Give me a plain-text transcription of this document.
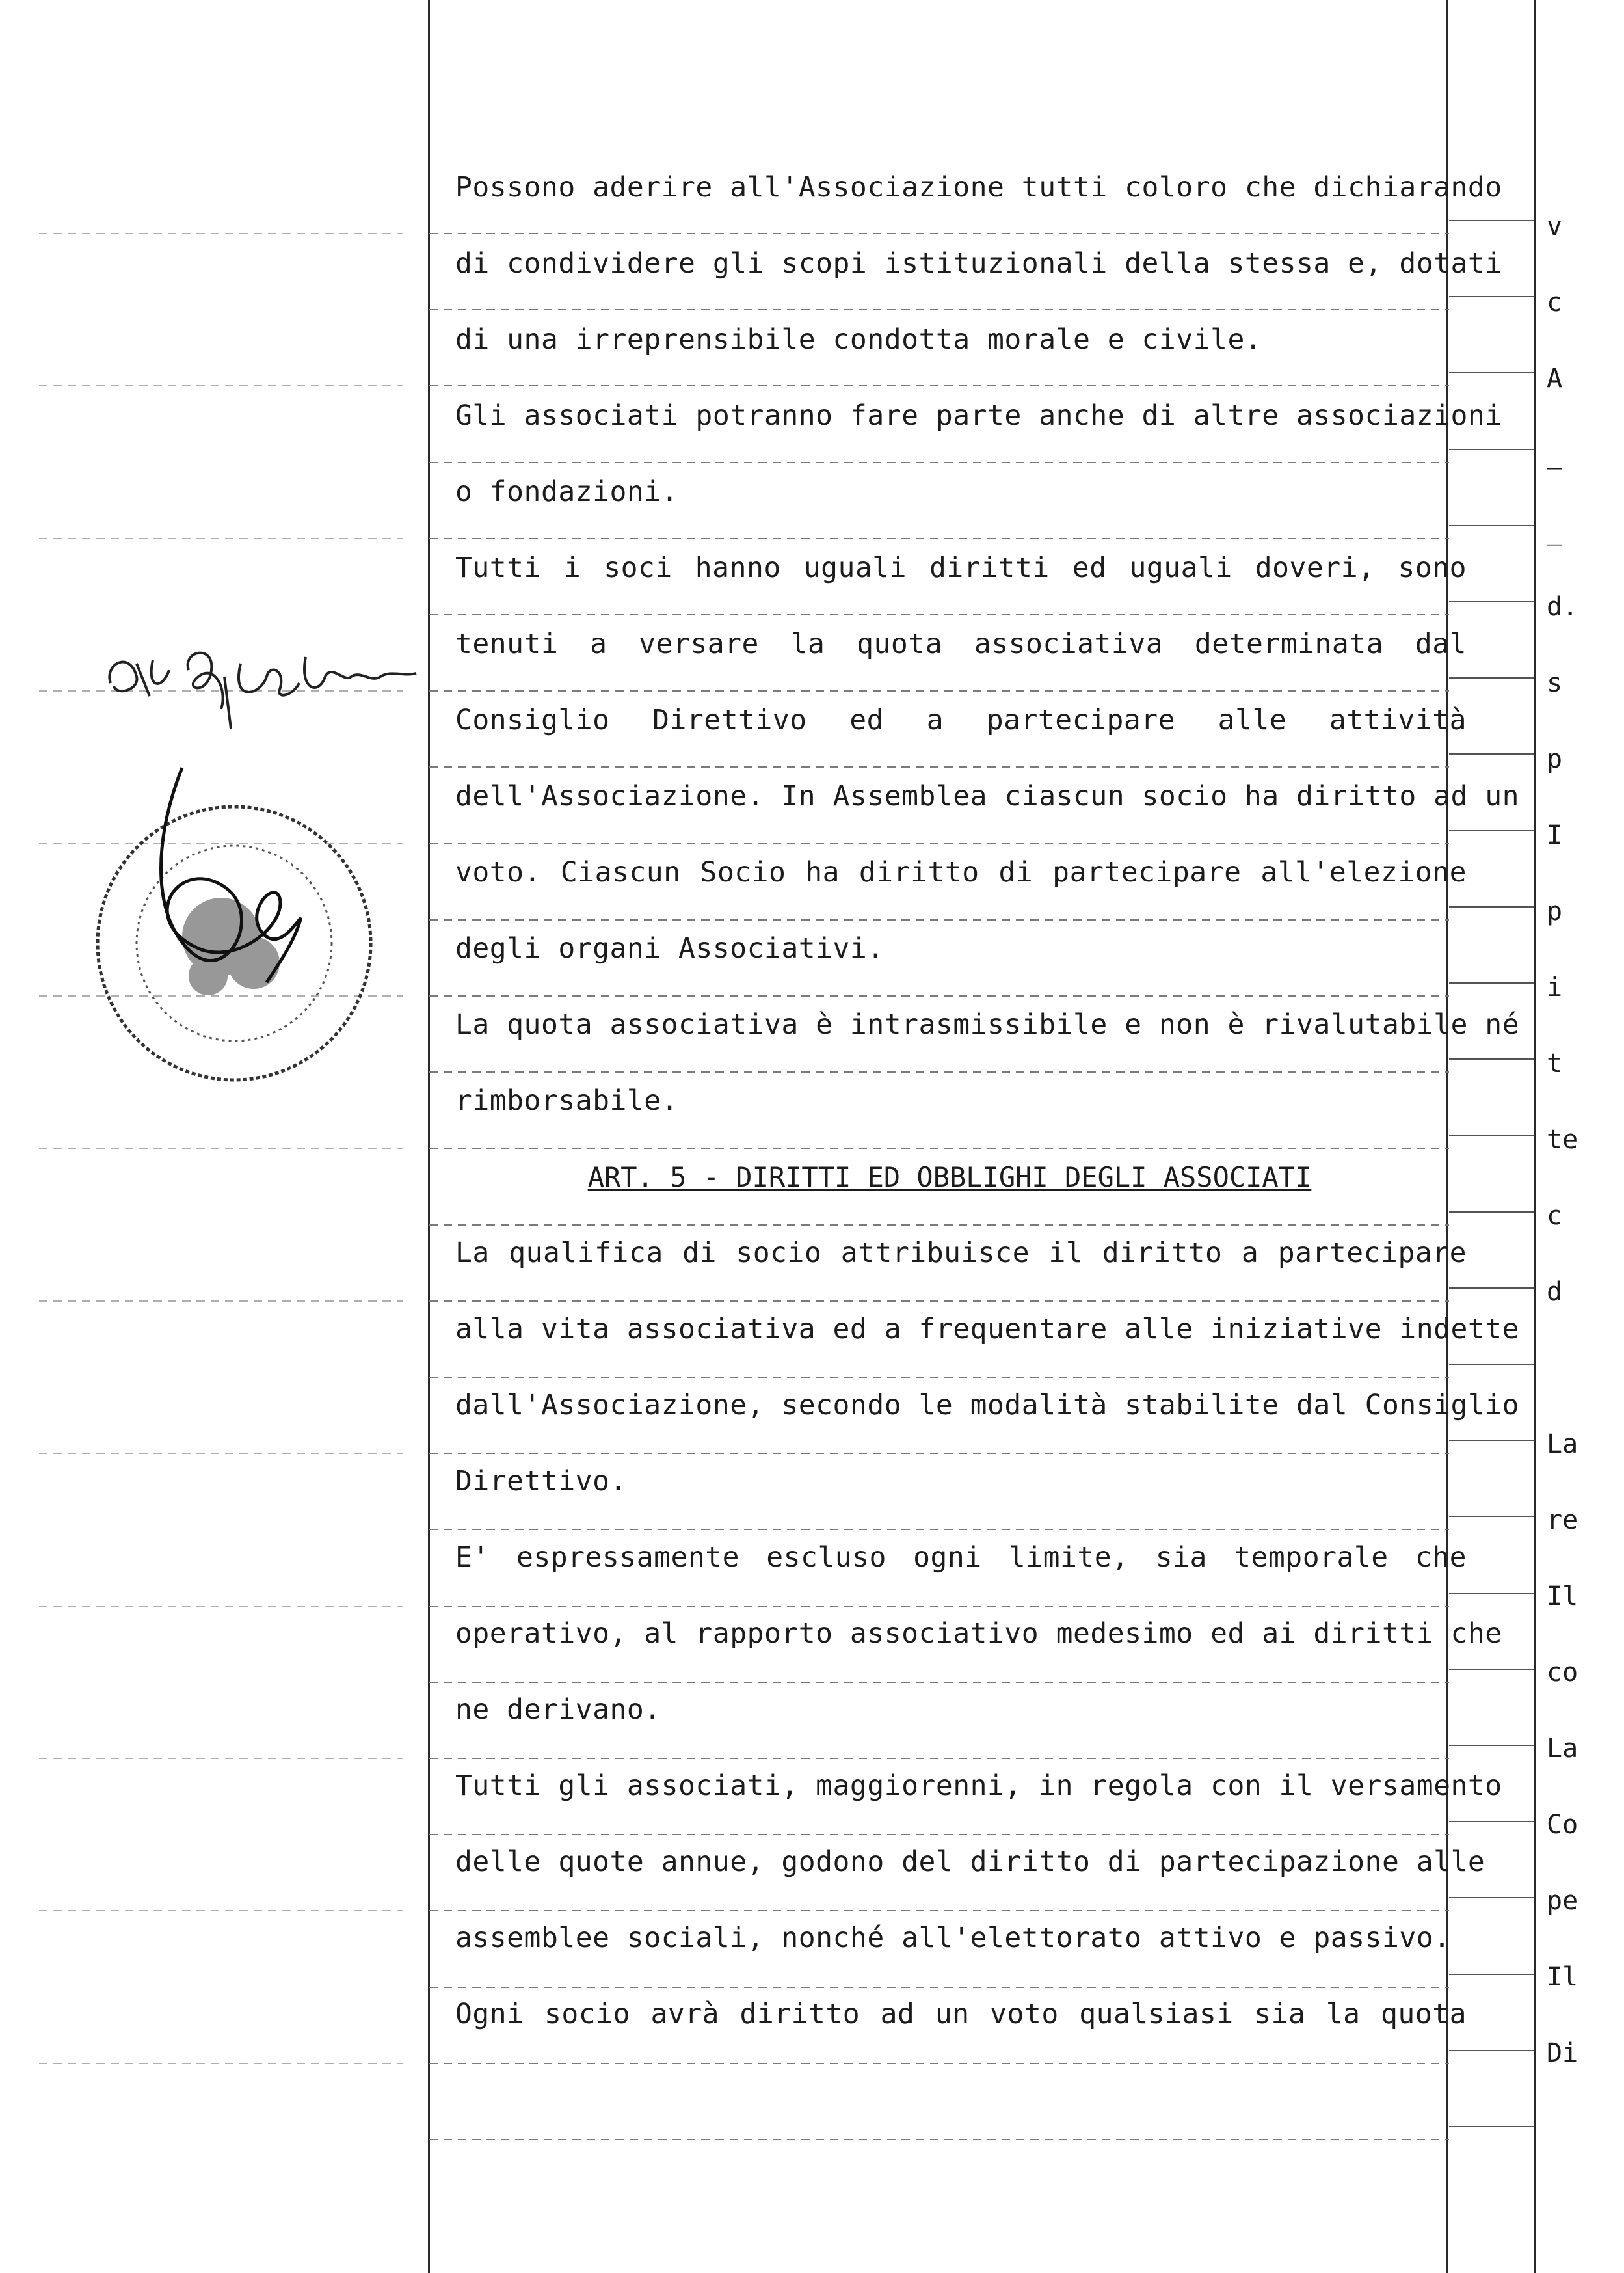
Possono aderire all'Associazione tutti coloro che dichiarando
di condividere gli scopi istituzionali della stessa e, dotati
di una irreprensibile condotta morale e civile.
Gli associati potranno fare parte anche di altre associazioni
o fondazioni.
Tutti i soci hanno uguali diritti ed uguali doveri, sono
tenuti a versare la quota associativa determinata dal
Consiglio Direttivo ed a partecipare alle attività
dell'Associazione. In Assemblea ciascun socio ha diritto ad un
voto. Ciascun Socio ha diritto di partecipare all'elezione
degli organi Associativi.
La quota associativa è intrasmissibile e non è rivalutabile né
rimborsabile.
ART. 5 - DIRITTI ED OBBLIGHI DEGLI ASSOCIATI
La qualifica di socio attribuisce il diritto a partecipare
alla vita associativa ed a frequentare alle iniziative indette
dall'Associazione, secondo le modalità stabilite dal Consiglio
Direttivo.
E' espressamente escluso ogni limite, sia temporale che
operativo, al rapporto associativo medesimo ed ai diritti che
ne derivano.
Tutti gli associati, maggiorenni, in regola con il versamento
delle quote annue, godono del diritto di partecipazione alle
assemblee sociali, nonché all'elettorato attivo e passivo.
Ogni socio avrà diritto ad un voto qualsiasi sia la quota
v
c
A
_
_
d.
s
p
I
p
i
t
te
c
d
La
re
Il
co
La
Co
pe
Il
Di
